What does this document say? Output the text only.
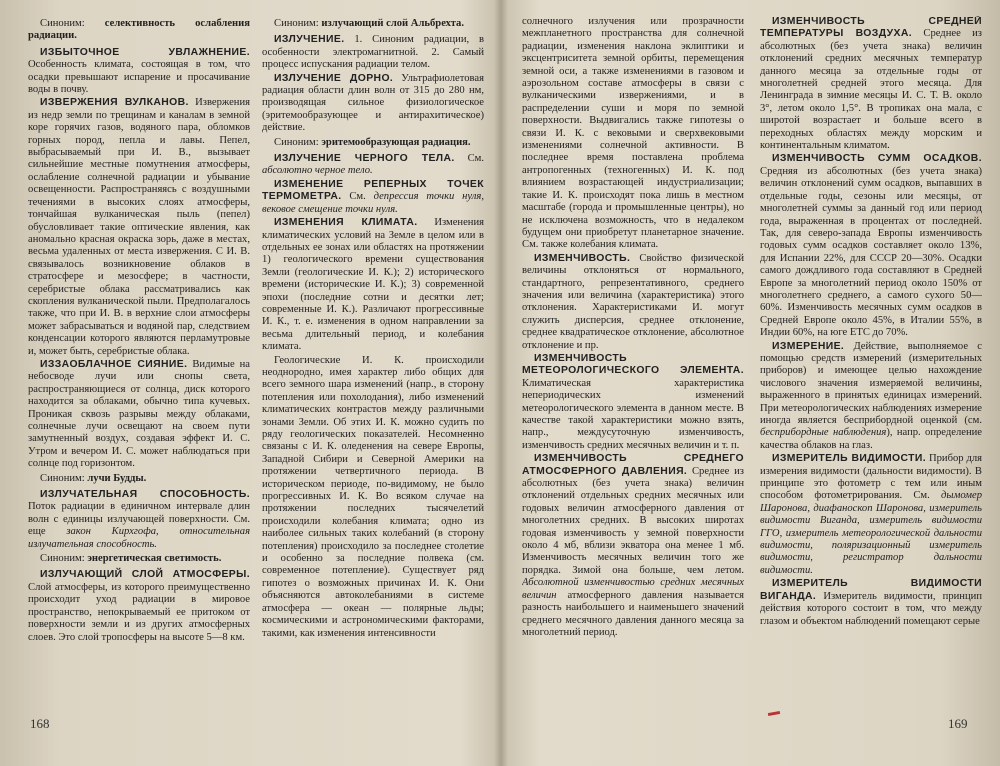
Синоним: селективность ослабления радиации.

ИЗБЫТОЧНОЕ УВЛАЖНЕНИЕ. Особенность климата, состоящая в том, что осадки превышают испарение и просачивание воды в почву.

ИЗВЕРЖЕНИЯ ВУЛКАНОВ. Извержения из недр земли по трещинам и каналам в земной коре горячих газов, водяного пара, обломков горных пород, пепла и лавы. Пепел, выбрасываемый при И. В., вызывает сильнейшие местные помутнения атмосферы, ослабление солнечной радиации и убывание освещенности. Распространяясь с воздушными течениями в высоких слоях атмосферы, тончайшая вулканическая пыль (пепел) обусловливает такие оптические явления, как аномально красная окраска зорь, даже в местах, весьма удаленных от места извержения. С И. В. связывалось возникновение облаков в стратосфере и мезосфере; в частности, серебристые облака рассматривались как скопления вулканической пыли. Предполагалось также, что при И. В. в верхние слои атмосферы может забрасываться и водяной пар, следствием конденсации которого являются перламутровые и, может быть, серебристые облака.

ИЗЗАОБЛАЧНОЕ СИЯНИЕ. Видимые на небосводе лучи или снопы света, распространяющиеся от солнца, диск которого находится за облаками, обычно типа кучевых. Проникая сквозь разрывы между облаками, солнечные лучи освещают на своем пути замутненный воздух, создавая эффект И. С. Утром и вечером И. С. может наблюдаться при солнце под горизонтом.

Синоним: лучи Будды.

ИЗЛУЧАТЕЛЬНАЯ СПОСОБНОСТЬ. Поток радиации в единичном интервале длин волн с единицы излучающей поверхности. См. еще закон Кирхгофа, относительная излучательная способность.

Синоним: энергетическая светимость.

ИЗЛУЧАЮЩИЙ СЛОЙ АТМОСФЕРЫ. Слой атмосферы, из которого преимущественно происходит уход радиации в мировое пространство, непокрываемый ее притоком от поверхности земли и из других атмосферных слоев. Это слой тропосферы на высоте 5—8 км.

Синоним: излучающий слой Альбрехта.

ИЗЛУЧЕНИЕ. 1. Синоним радиации, в особенности электромагнитной. 2. Самый процесс испускания радиации телом.

ИЗЛУЧЕНИЕ ДОРНО. Ультрафиолетовая радиация области длин волн от 315 до 280 нм, производящая сильное физиологическое (эритемообразующее и антирахитическое) действие.

Синоним: эритемообразующая радиация.

ИЗЛУЧЕНИЕ ЧЕРНОГО ТЕЛА. См. абсолютно черное тело.

ИЗМЕНЕНИЕ РЕПЕРНЫХ ТОЧЕК ТЕРМОМЕТРА. См. депрессия точки нуля, вековое смещение точки нуля.

ИЗМЕНЕНИЯ КЛИМАТА. Изменения климатических условий на Земле в целом или в отдельных ее зонах или областях на протяжении 1) геологического времени существования Земли (геологические И. К.); 2) исторического времени (исторические И. К.); 3) современной эпохи (последние сотни и десятки лет; современные И. К.). Различают прогрессивные И. К., т. е. изменения в одном направлении за весьма длительный период, и колебания климата.

Геологические И. К. происходили неоднородно, имея характер либо общих для всего земного шара изменений (напр., в сторону потепления или похолодания), либо изменений климатических контрастов между различными зонами Земли. Об этих И. К. можно судить по ряду геологических показателей. Несомненно связаны с И. К. оледенения на севере Европы, Западной Сибири и Северной Америки на протяжении четвертичного периода. В историческом периоде, по-видимому, не было прогрессивных И. К. Во всяком случае на протяжении последних тысячелетий происходили колебания климата; одно из наиболее сильных таких колебаний (в сторону потепления) происходило за последнее столетие и особенно за последние полвека (см. современное потепление). Существует ряд гипотез о возможных причинах И. К. Они объясняются автоколебаниями в системе атмосфера — океан — полярные льды; космическими и астрономическими факторами, такими, как изменения интенсивности

солнечного излучения или прозрачности межпланетного пространства для солнечной радиации, изменения наклона эклиптики и эксцентриситета земной орбиты, перемещения земной оси, а также изменениями в газовом и аэрозольном составе атмосферы в связи с вулканическими извержениями, и в распределении суши и моря по земной поверхности. Выдвигались также гипотезы о связи И. К. с вековыми и сверхвековыми изменениями солнечной активности. В последнее время поставлена проблема антропогенных (техногенных) И. К. под влиянием возрастающей индустриализации; такие И. К. происходят пока лишь в местном масштабе (города и промышленные центры), но не исключена возможность, что в недалеком будущем они приобретут планетарное значение. См. также колебания климата.

ИЗМЕНЧИВОСТЬ. Свойство физической величины отклоняться от нормального, стандартного, репрезентативного, среднего значения или величина (характеристика) этого отклонения. Характеристиками И. могут служить дисперсия, среднее отклонение, среднее квадратическое отклонение, абсолютное отклонение и пр.

ИЗМЕНЧИВОСТЬ МЕТЕОРОЛОГИЧЕСКОГО ЭЛЕМЕНТА. Климатическая характеристика непериодических изменений метеорологического элемента в данном месте. В качестве такой характеристики можно взять, напр., междусуточную изменчивость, изменчивость средних месячных величин и т. п.

ИЗМЕНЧИВОСТЬ СРЕДНЕГО АТМОСФЕРНОГО ДАВЛЕНИЯ. Среднее из абсолютных (без учета знака) величин отклонений отдельных средних месячных или годовых величин атмосферного давления от многолетних средних. В высоких широтах годовая изменчивость у земной поверхности около 4 мб, вблизи экватора она менее 1 мб. Изменчивость месячных величин того же порядка. Зимой она больше, чем летом. Абсолютной изменчивостью средних месячных величин атмосферного давления называется разность наибольшего и наименьшего значений среднего месячного давления данного месяца за многолетний период.

ИЗМЕНЧИВОСТЬ СРЕДНЕЙ ТЕМПЕРАТУРЫ ВОЗДУХА. Среднее из абсолютных (без учета знака) величин отклонений средних месячных температур данного месяца за отдельные годы от многолетней средней этого месяца. Для Ленинграда в зимние месяцы И. С. Т. В. около 3°, летом около 1,5°. В тропиках она мала, с широтой возрастает и больше всего в переходных областях между морским и континентальным климатом.

ИЗМЕНЧИВОСТЬ СУММ ОСАДКОВ. Средняя из абсолютных (без учета знака) величин отклонений сумм осадков, выпавших в отдельные годы, сезоны или месяцы, от многолетней суммы за данный год или период года, выраженная в процентах от последней. Так, для северо-запада Европы изменчивость годовых сумм осадков составляет около 13%, для Испании 22%, для СССР 20—30%. Осадки самого дождливого года составляют в Средней Европе за многолетний период около 150% от многолетнего среднего, а самого сухого 50—60%. Изменчивость месячных сумм осадков в Средней Европе около 45%, в Италии 55%, в Индии 60%, на юге ЕТС до 70%.

ИЗМЕРЕНИЕ. Действие, выполняемое с помощью средств измерений (измерительных приборов) и имеющее целью нахождение числового значения измеряемой величины, выраженного в принятых единицах измерений. При метеорологических наблюдениях измерение иногда является бесприбордной оценкой (см. бесприбордные наблюдения), напр. определение качества облаков на глаз.

ИЗМЕРИТЕЛЬ ВИДИМОСТИ. Прибор для измерения видимости (дальности видимости). В принципе это фотометр с тем или иным способом фотометрирования. См. дымомер Шаронова, диафаноскоп Шаронова, измеритель видимости Вигандa, измеритель видимости ГГО, измеритель метеорологической дальности видимости, поляризационный измеритель видимости, регистратор дальности видимости.

ИЗМЕРИТЕЛЬ ВИДИМОСТИ ВИГАНДА. Измеритель видимости, принцип действия которого состоит в том, что между глазом и объектом наблюдений помещают серые

168	169
